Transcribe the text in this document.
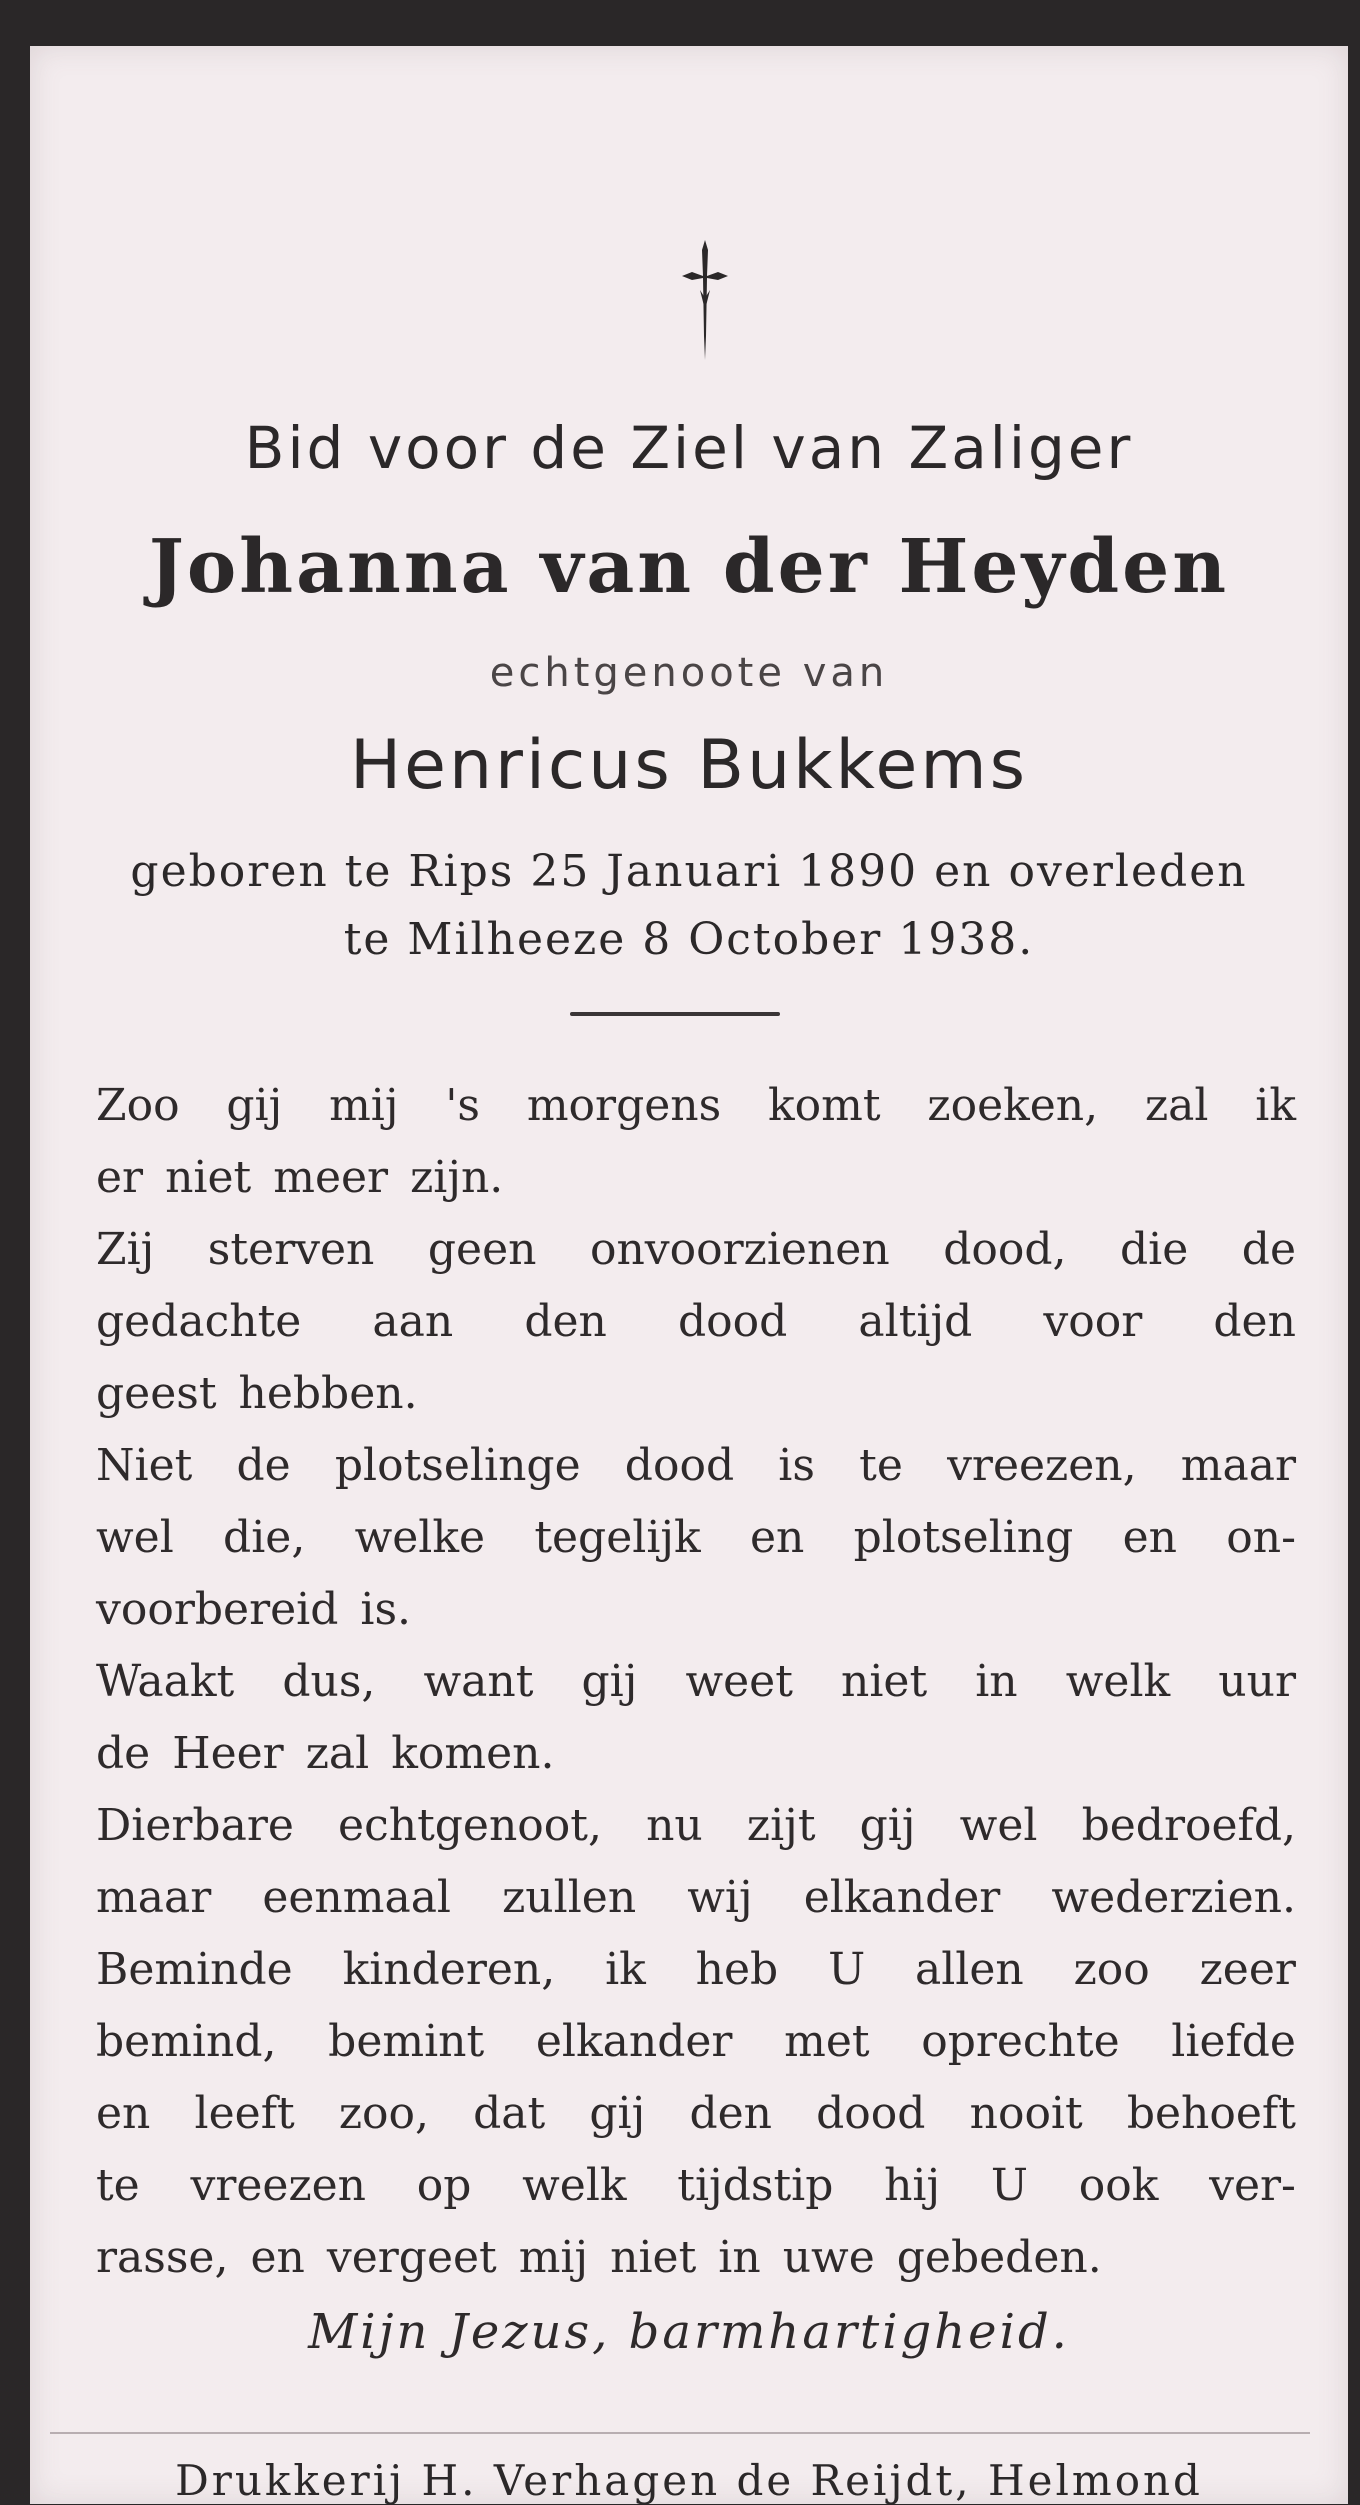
Bid voor de Ziel van Zaliger
Johanna van der Heyden
echtgenoote van
Henricus Bukkems
geboren te Rips 25 Januari 1890 en overleden
te Milheeze 8 October 1938.
Zoo gij mij 's morgens komt zoeken, zal ik
er niet meer zijn.
Zij sterven geen onvoorzienen dood, die de
gedachte aan den dood altijd voor den
geest hebben.
Niet de plotselinge dood is te vreezen, maar
wel die, welke tegelijk en plotseling en on-
voorbereid is.
Waakt dus, want gij weet niet in welk uur
de Heer zal komen.
Dierbare echtgenoot, nu zijt gij wel bedroefd,
maar eenmaal zullen wij elkander wederzien.
Beminde kinderen, ik heb U allen zoo zeer
bemind, bemint elkander met oprechte liefde
en leeft zoo, dat gij den dood nooit behoeft
te vreezen op welk tijdstip hij U ook ver-
rasse, en vergeet mij niet in uwe gebeden.
Mijn Jezus, barmhartigheid.
Drukkerij H. Verhagen de Reijdt, Helmond
